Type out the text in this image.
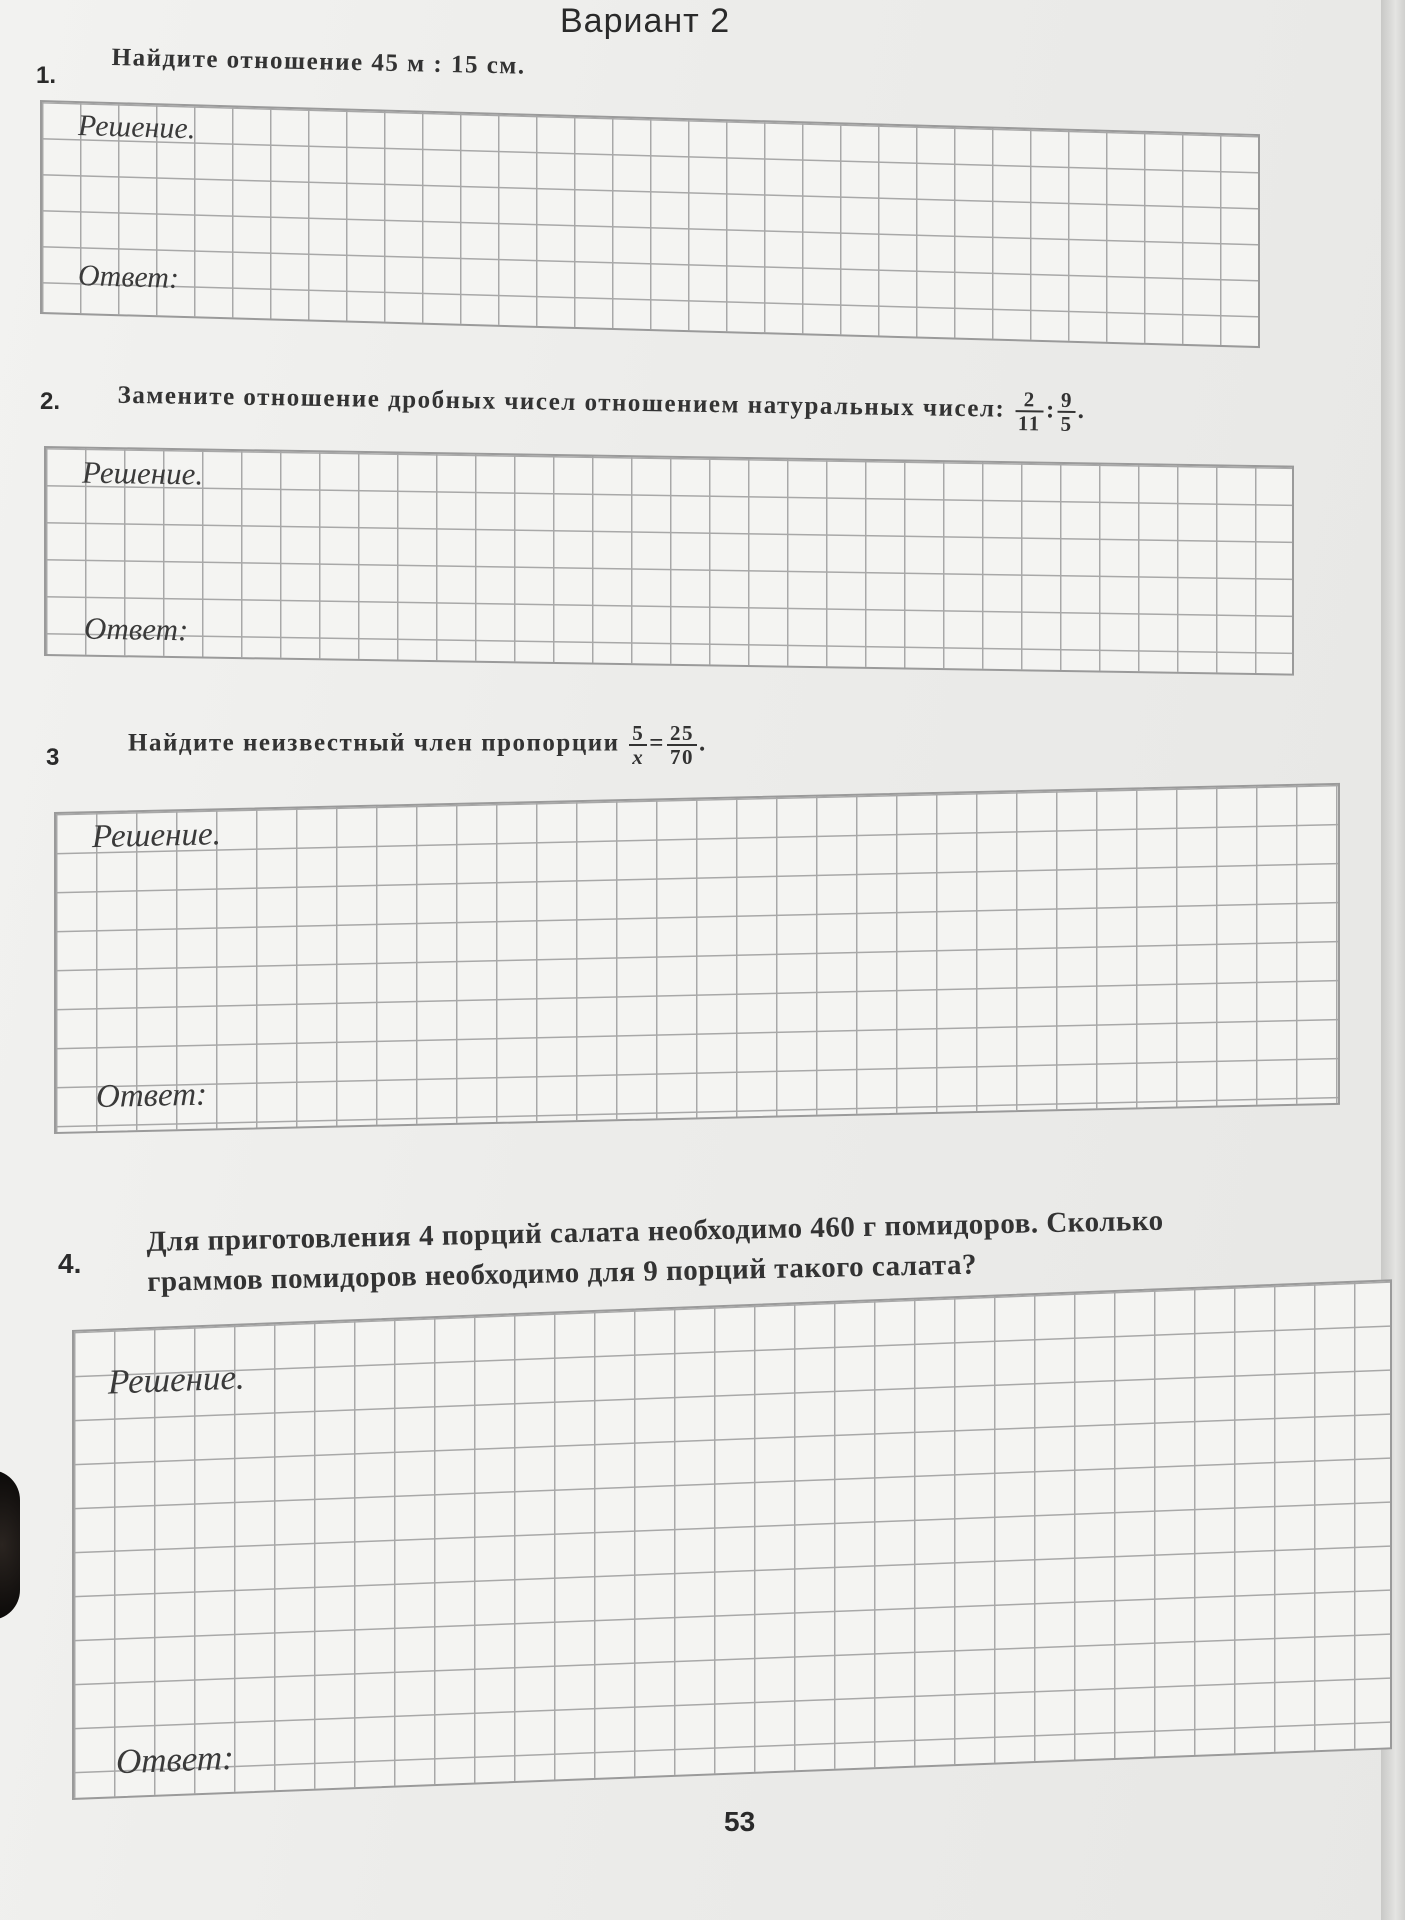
Вариант 2
1. Найдите отношение 45 м : 15 см.
Решение.
Ответ:
2. Замените отношение дробных чисел отношением натуральных чисел: $\frac{2}{11}$ : $\frac{9}{5}$ .
Решение.
Ответ:
3
Найдите неизвестный член пропорции $\frac{5}{x} = \frac{25}{70}$ .
Решение.
Ответ:
4.
Для приготовления 4 порций салата необходимо 460 г помидоров. Сколько
граммов помидоров необходимо для 9 порций такого салата?
Решение.
Ответ:
53
